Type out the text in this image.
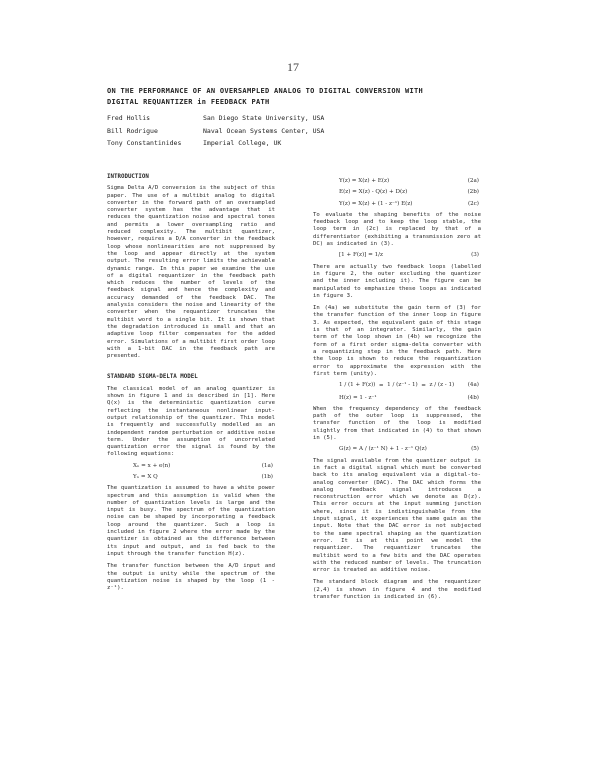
17
ON THE PERFORMANCE OF AN OVERSAMPLED ANALOG TO DIGITAL CONVERSION WITH
DIGITAL REQUANTIZER in FEEDBACK PATH
Fred Hollis	San Diego State University, USA
Bill Rodrigue	Naval Ocean Systems Center, USA
Tony Constantinides	Imperial College, UK
INTRODUCTION

Sigma Delta A/D conversion is the subject of this paper. The use of a multibit analog to digital converter in the forward path of an oversampled converter system has the advantage that it reduces the quantization noise and spectral tones and permits a lower oversampling ratio and reduced complexity. The multibit quantizer, however, requires a D/A converter in the feedback loop whose nonlinearities are not suppressed by the loop and appear directly at the system output. The resulting error limits the achievable dynamic range. In this paper we examine the use of a digital requantizer in the feedback path which reduces the number of levels of the feedback signal and hence the complexity and accuracy demanded of the feedback DAC. The analysis considers the noise and linearity of the converter when the requantizer truncates the multibit word to a single bit. It is shown that the degradation introduced is small and that an adaptive loop filter compensates for the added error. Simulations of a multibit first order loop with a 1-bit DAC in the feedback path are presented.

STANDARD SIGMA-DELTA MODEL

The classical model of an analog quantizer is shown in figure 1 and is described in [1]. Here Q(x) is the deterministic quantization curve reflecting the instantaneous nonlinear input-output relationship of the quantizer. This model is frequently and successfully modelled as an independent random perturbation or additive noise term. Under the assumption of uncorrelated quantization error the signal is found by the following equations:

Xₙ = x + e(n)	(1a)
Yₙ = X Q	(1b)

The quantization is assumed to have a white power spectrum and this assumption is valid when the number of quantization levels is large and the input is busy. The spectrum of the quantization noise can be shaped by incorporating a feedback loop around the quantizer. Such a loop is included in figure 2 where the error made by the quantizer is obtained as the difference between its input and output, and is fed back to the input through the transfer function H(z).

The transfer function between the A/D input and the output is unity while the spectrum of the quantization noise is shaped by the loop (1 - z⁻¹).

Y(z) = X(z) + E(z)	(2a)
E(z) = X(z) - Q(z) + D(z)	(2b)
Y(z) = X(z) + (1 - z⁻¹) E(z)	(2c)

To evaluate the shaping benefits of the noise feedback loop and to keep the loop stable, the loop term in (2c) is replaced by that of a differentiator (exhibiting a transmission zero at DC) as indicated in (3).

[1 + F(z)] = 1/z	(3)

There are actually two feedback loops (labelled in figure 2, the outer excluding the quantizer and the inner including it). The figure can be manipulated to emphasize these loops as indicated in figure 3.

In (4a) we substitute the gain term of (3) for the transfer function of the inner loop in figure 3. As expected, the equivalent gain of this stage is that of an integrator. Similarly, the gain term of the loop shown in (4b) we recognize the form of a first order sigma-delta converter with a requantizing step in the feedback path. Here the loop is shown to reduce the requantization error to approximate the expression with the first term (unity).

1 / (1 + F(z)) = 1 / (z⁻¹ - 1) = z / (z - 1) (4a)
H(z) = 1 - z⁻¹	(4b)

When the frequency dependency of the feedback path of the outer loop is suppressed, the transfer function of the loop is modified slightly from that indicated in (4) to that shown in (5).

G(z) = A / (z⁻¹ N) + 1 - z⁻¹ Q(z)	(5)

The signal available from the quantizer output is in fact a digital signal which must be converted back to its analog equivalent via a digital-to-analog converter (DAC). The DAC which forms the analog feedback signal introduces a reconstruction error which we denote as D(z). This error occurs at the input summing junction where, since it is indistinguishable from the input signal, it experiences the same gain as the input. Note that the DAC error is not subjected to the same spectral shaping as the quantization error. It is at this point we model the requantizer. The requantizer truncates the multibit word to a few bits and the DAC operates with the reduced number of levels. The truncation error is treated as additive noise.

The standard block diagram and the requantizer (2,4) is shown in figure 4 and the modified transfer function is indicated in (6).
